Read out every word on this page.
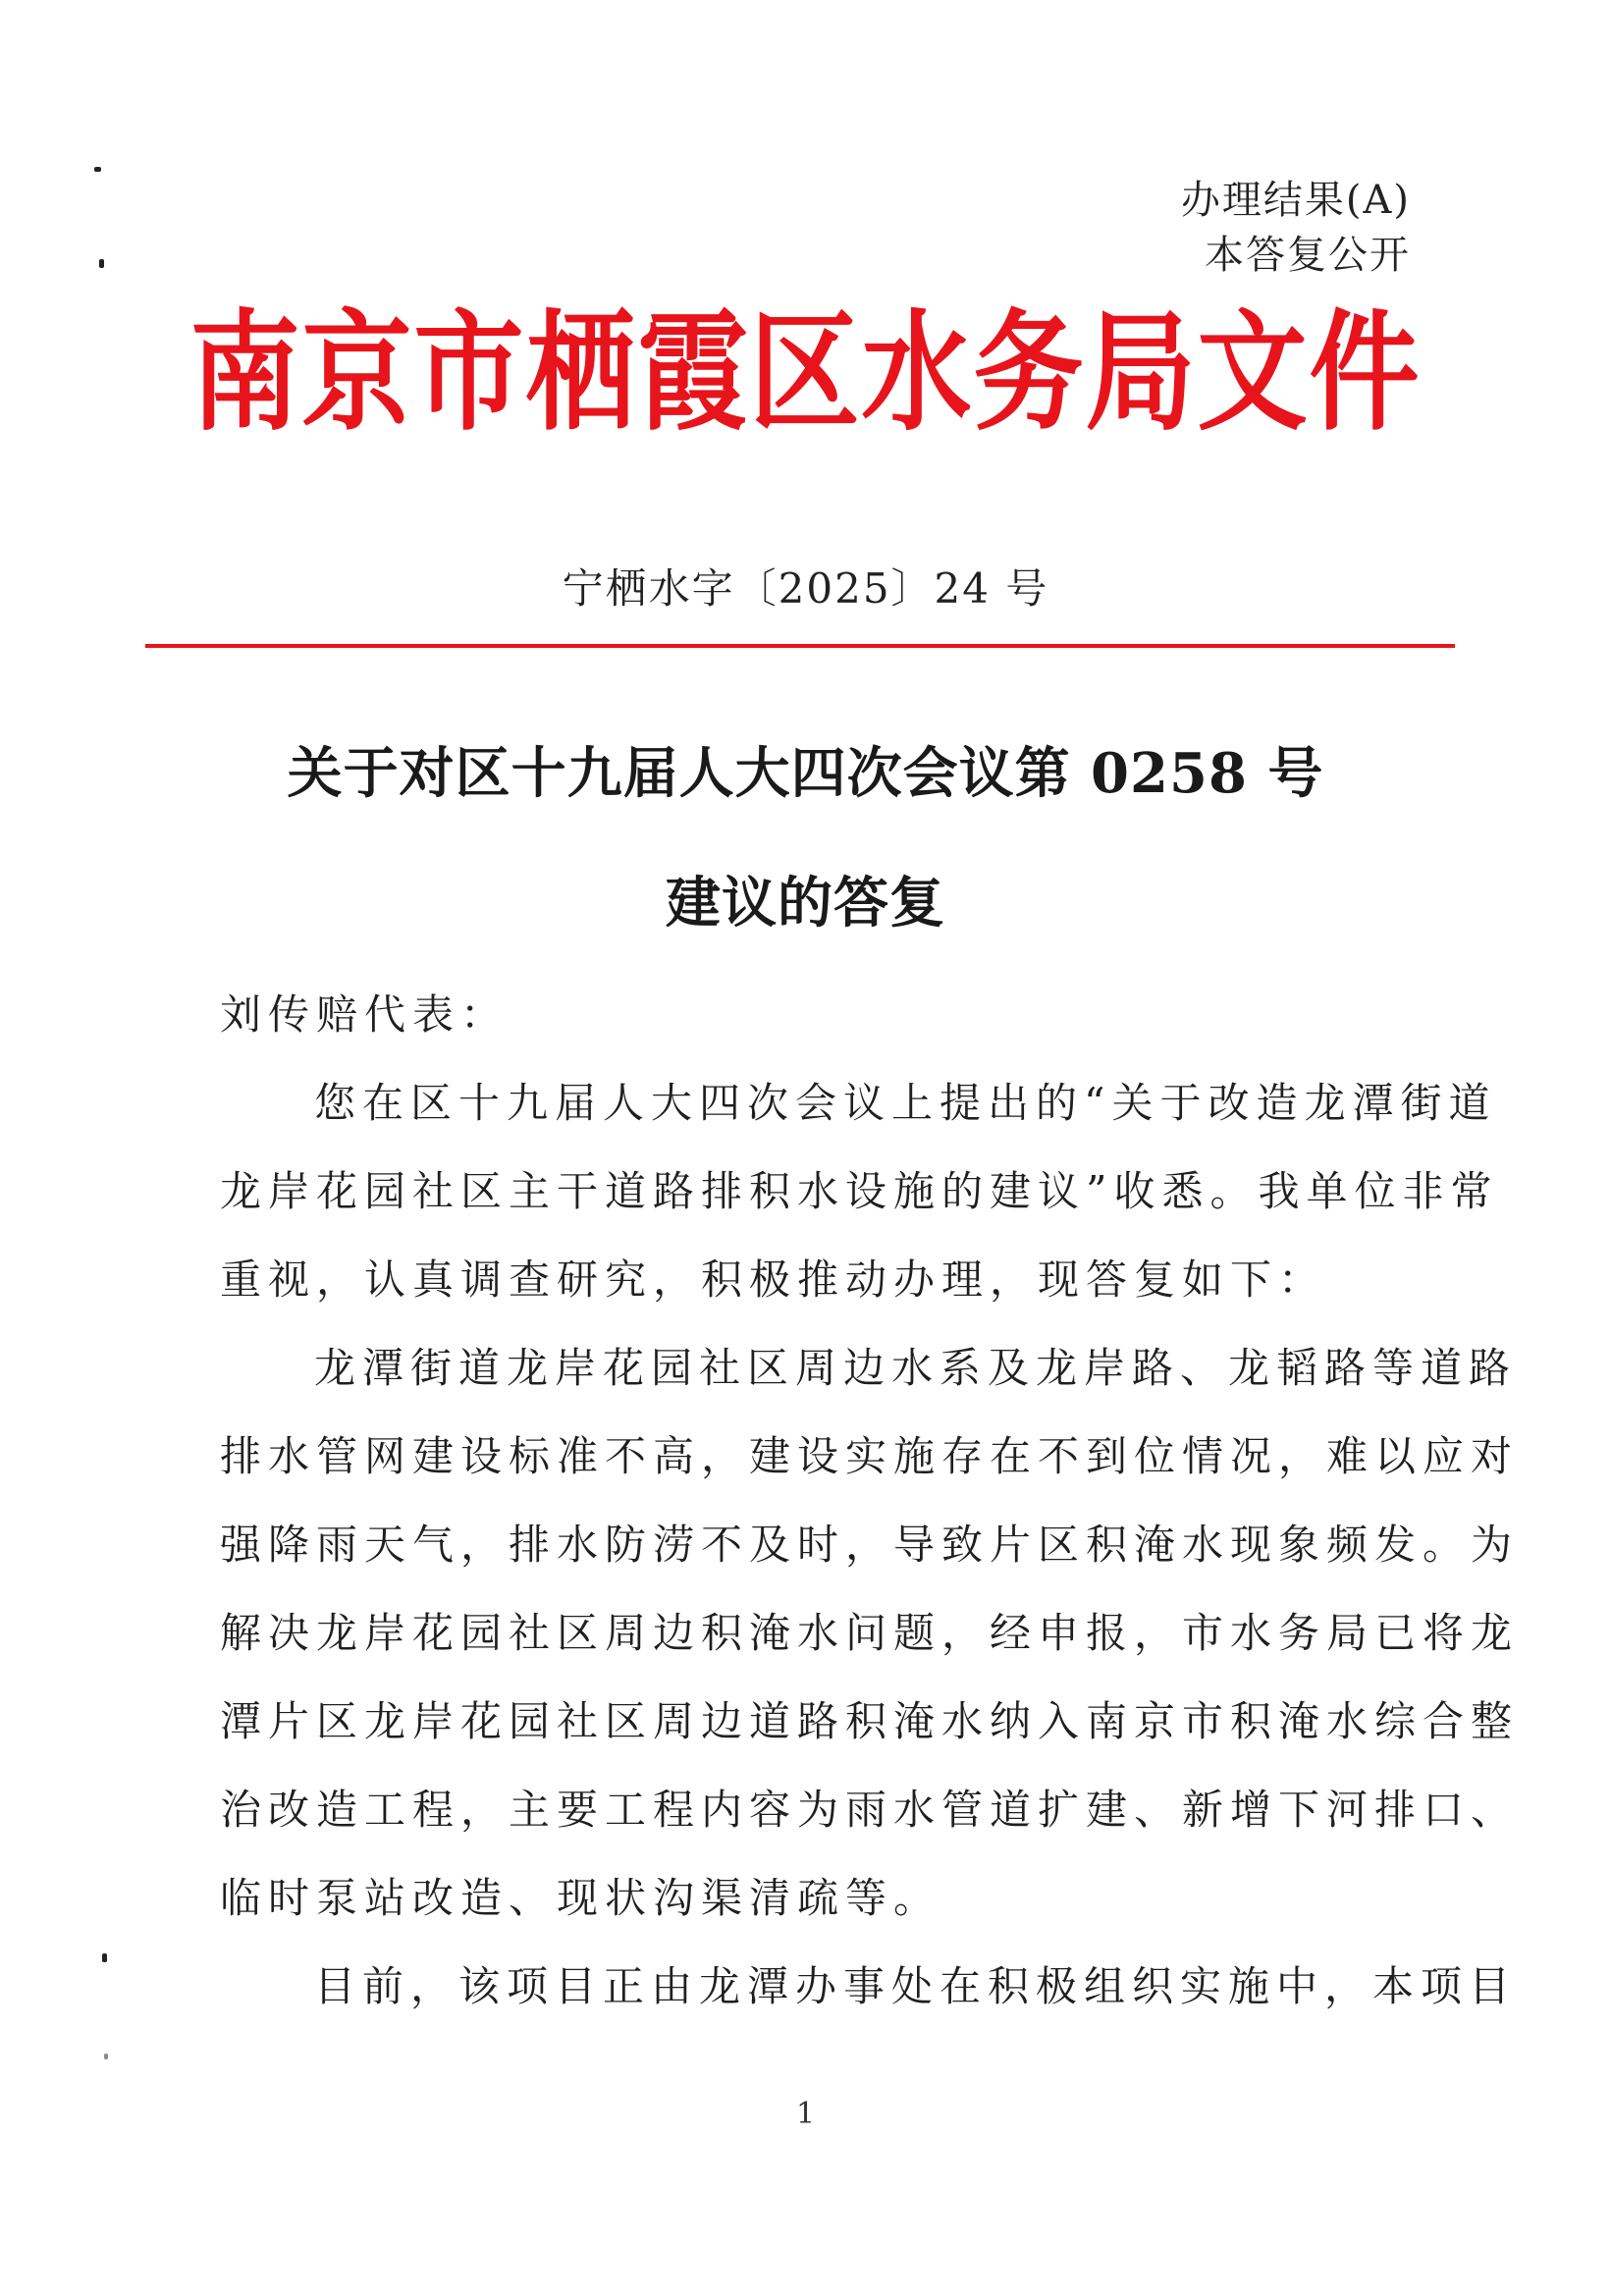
办理结果(A)
本答复公开
南京市栖霞区水务局文件
宁栖水字〔2025〕24 号
关于对区十九届人大四次会议第 0258 号
建议的答复
刘传赔代表：
您在区十九届人大四次会议上提出的“关于改造龙潭街道
龙岸花园社区主干道路排积水设施的建议”收悉。我单位非常
重视，认真调查研究，积极推动办理，现答复如下：
龙潭街道龙岸花园社区周边水系及龙岸路、龙韬路等道路
排水管网建设标准不高，建设实施存在不到位情况，难以应对
强降雨天气，排水防涝不及时，导致片区积淹水现象频发。为
解决龙岸花园社区周边积淹水问题，经申报，市水务局已将龙
潭片区龙岸花园社区周边道路积淹水纳入南京市积淹水综合整
治改造工程，主要工程内容为雨水管道扩建、新增下河排口、
临时泵站改造、现状沟渠清疏等。
目前，该项目正由龙潭办事处在积极组织实施中，本项目
1
